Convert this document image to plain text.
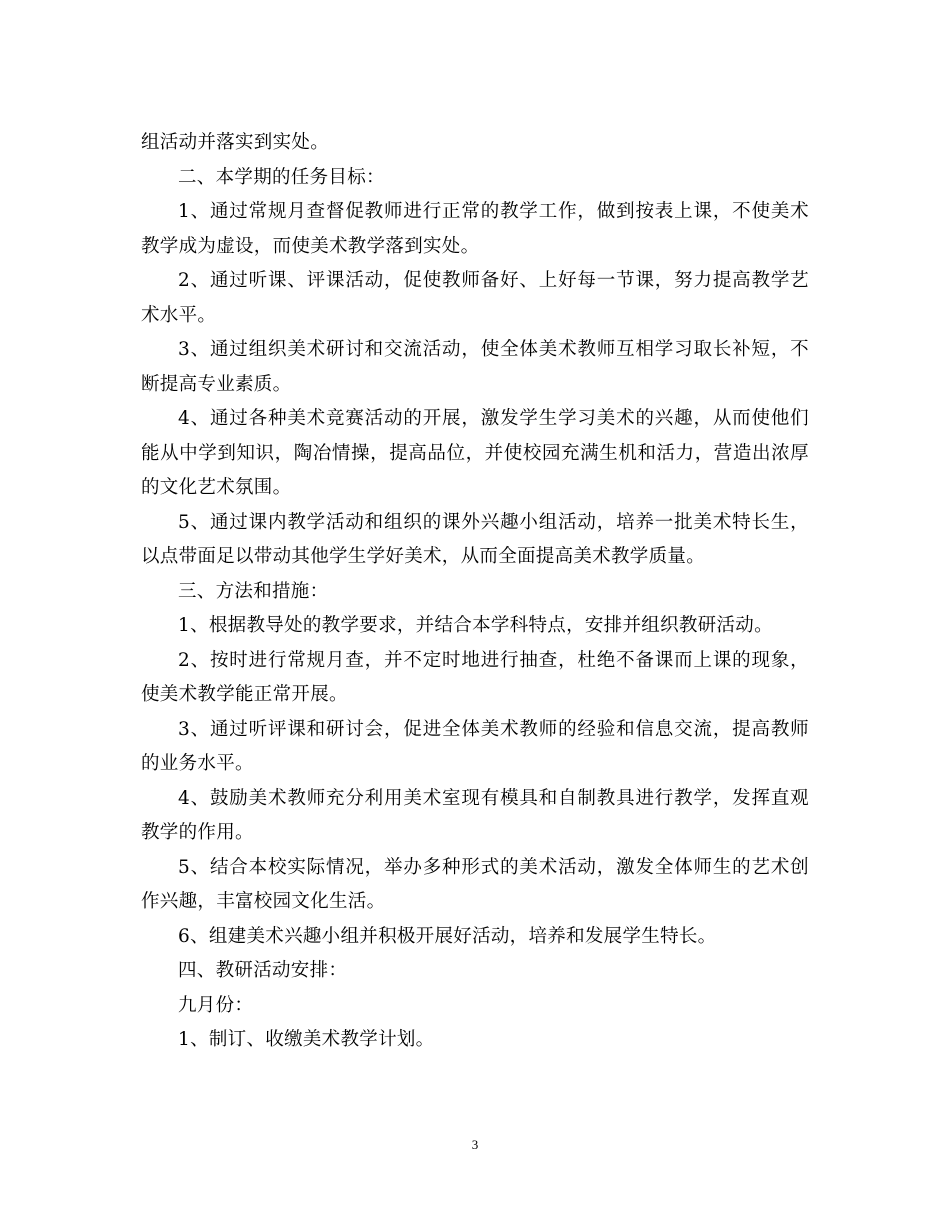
组活动并落实到实处。

二、本学期的任务目标：

1、通过常规月查督促教师进行正常的教学工作，做到按表上课，不使美术教学成为虚设，而使美术教学落到实处。

2、通过听课、评课活动，促使教师备好、上好每一节课，努力提高教学艺术水平。

3、通过组织美术研讨和交流活动，使全体美术教师互相学习取长补短，不断提高专业素质。

4、通过各种美术竞赛活动的开展，激发学生学习美术的兴趣，从而使他们能从中学到知识，陶冶情操，提高品位，并使校园充满生机和活力，营造出浓厚的文化艺术氛围。

5、通过课内教学活动和组织的课外兴趣小组活动，培养一批美术特长生，以点带面足以带动其他学生学好美术，从而全面提高美术教学质量。

三、方法和措施：

1、根据教导处的教学要求，并结合本学科特点，安排并组织教研活动。

2、按时进行常规月查，并不定时地进行抽查，杜绝不备课而上课的现象，使美术教学能正常开展。

3、通过听评课和研讨会，促进全体美术教师的经验和信息交流，提高教师的业务水平。

4、鼓励美术教师充分利用美术室现有模具和自制教具进行教学，发挥直观教学的作用。

5、结合本校实际情况，举办多种形式的美术活动，激发全体师生的艺术创作兴趣，丰富校园文化生活。

6、组建美术兴趣小组并积极开展好活动，培养和发展学生特长。

四、教研活动安排：

九月份：

1、制订、收缴美术教学计划。

3
